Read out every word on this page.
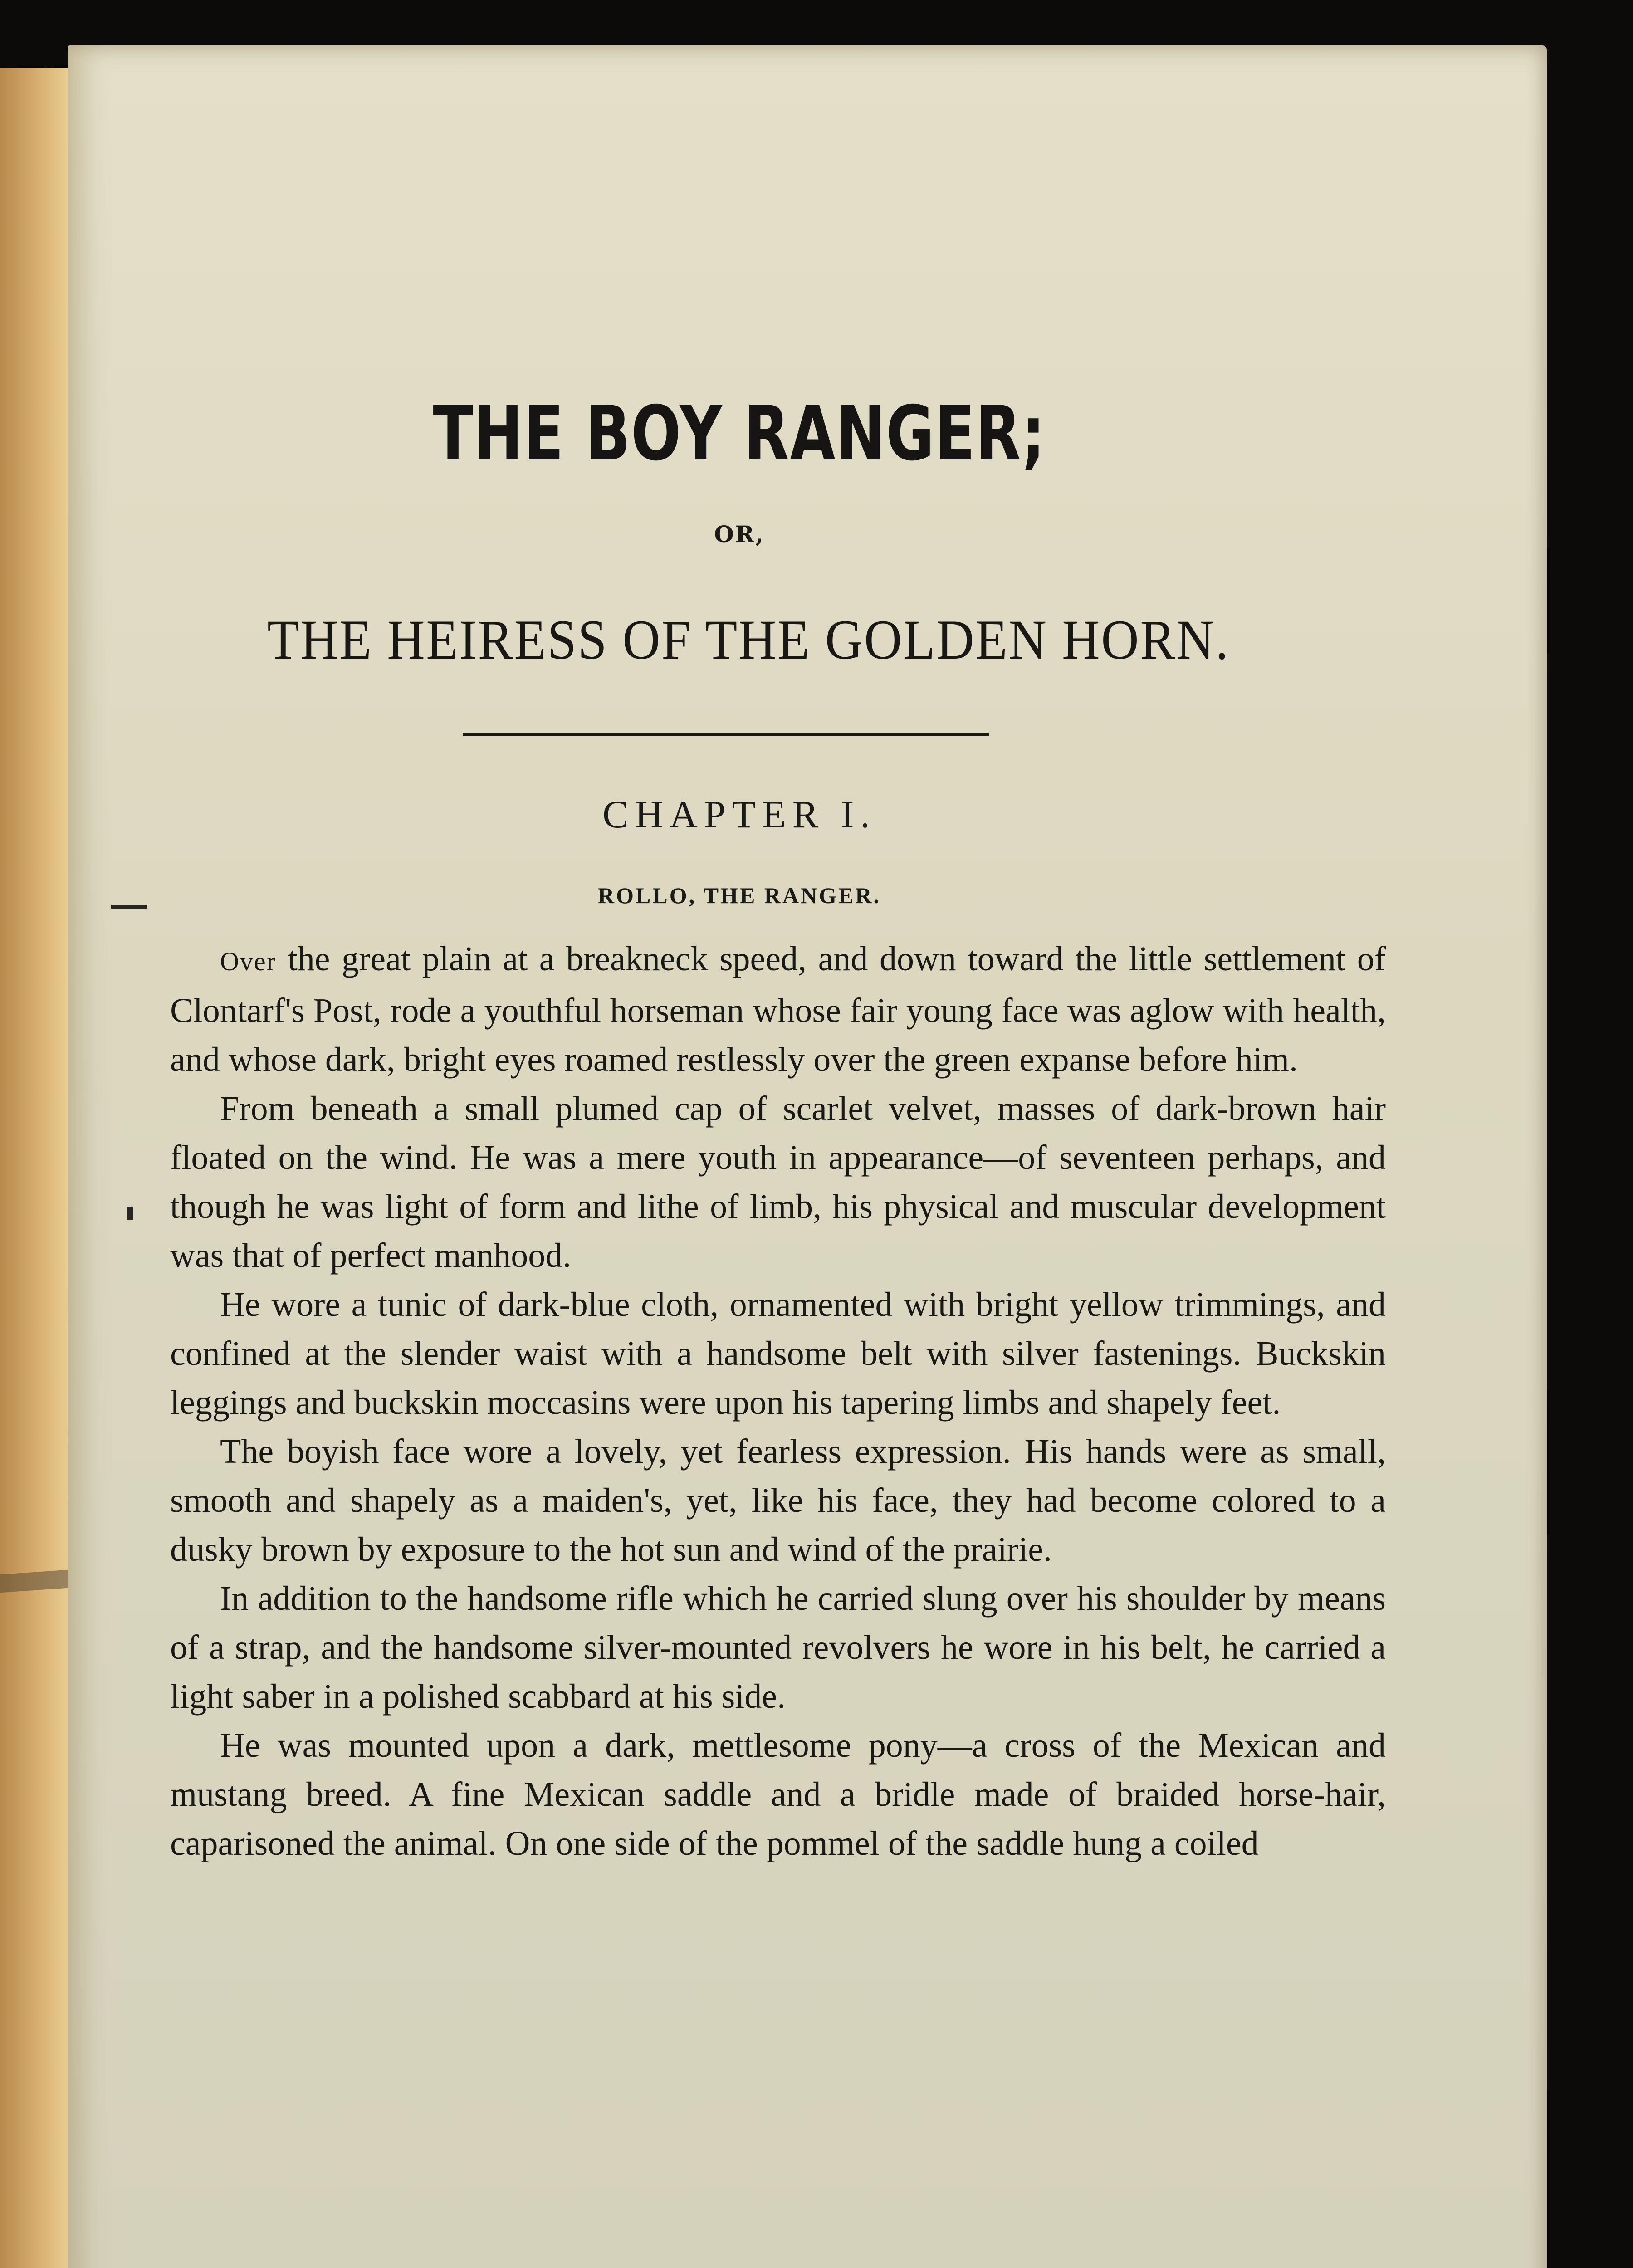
THE BOY RANGER;
OR,
THE HEIRESS OF THE GOLDEN HORN.
CHAPTER I.
ROLLO, THE RANGER.

Over the great plain at a breakneck speed, and down toward the little settlement of Clontarf's Post, rode a youthful horseman whose fair young face was aglow with health, and whose dark, bright eyes roamed restlessly over the green expanse before him.

From beneath a small plumed cap of scarlet velvet, masses of dark-brown hair floated on the wind. He was a mere youth in appearance—of seventeen perhaps, and though he was light of form and lithe of limb, his physical and muscular development was that of perfect manhood.

He wore a tunic of dark-blue cloth, ornamented with bright yellow trimmings, and confined at the slender waist with a handsome belt with silver fastenings. Buckskin leggings and buckskin moccasins were upon his tapering limbs and shapely feet.

The boyish face wore a lovely, yet fearless expression. His hands were as small, smooth and shapely as a maiden's, yet, like his face, they had become colored to a dusky brown by exposure to the hot sun and wind of the prairie.

In addition to the handsome rifle which he carried slung over his shoulder by means of a strap, and the handsome silver-mounted revolvers he wore in his belt, he carried a light saber in a polished scabbard at his side.

He was mounted upon a dark, mettlesome pony—a cross of the Mexican and mustang breed. A fine Mexican saddle and a bridle made of braided horse-hair, caparisoned the animal. On one side of the pommel of the saddle hung a coiled
